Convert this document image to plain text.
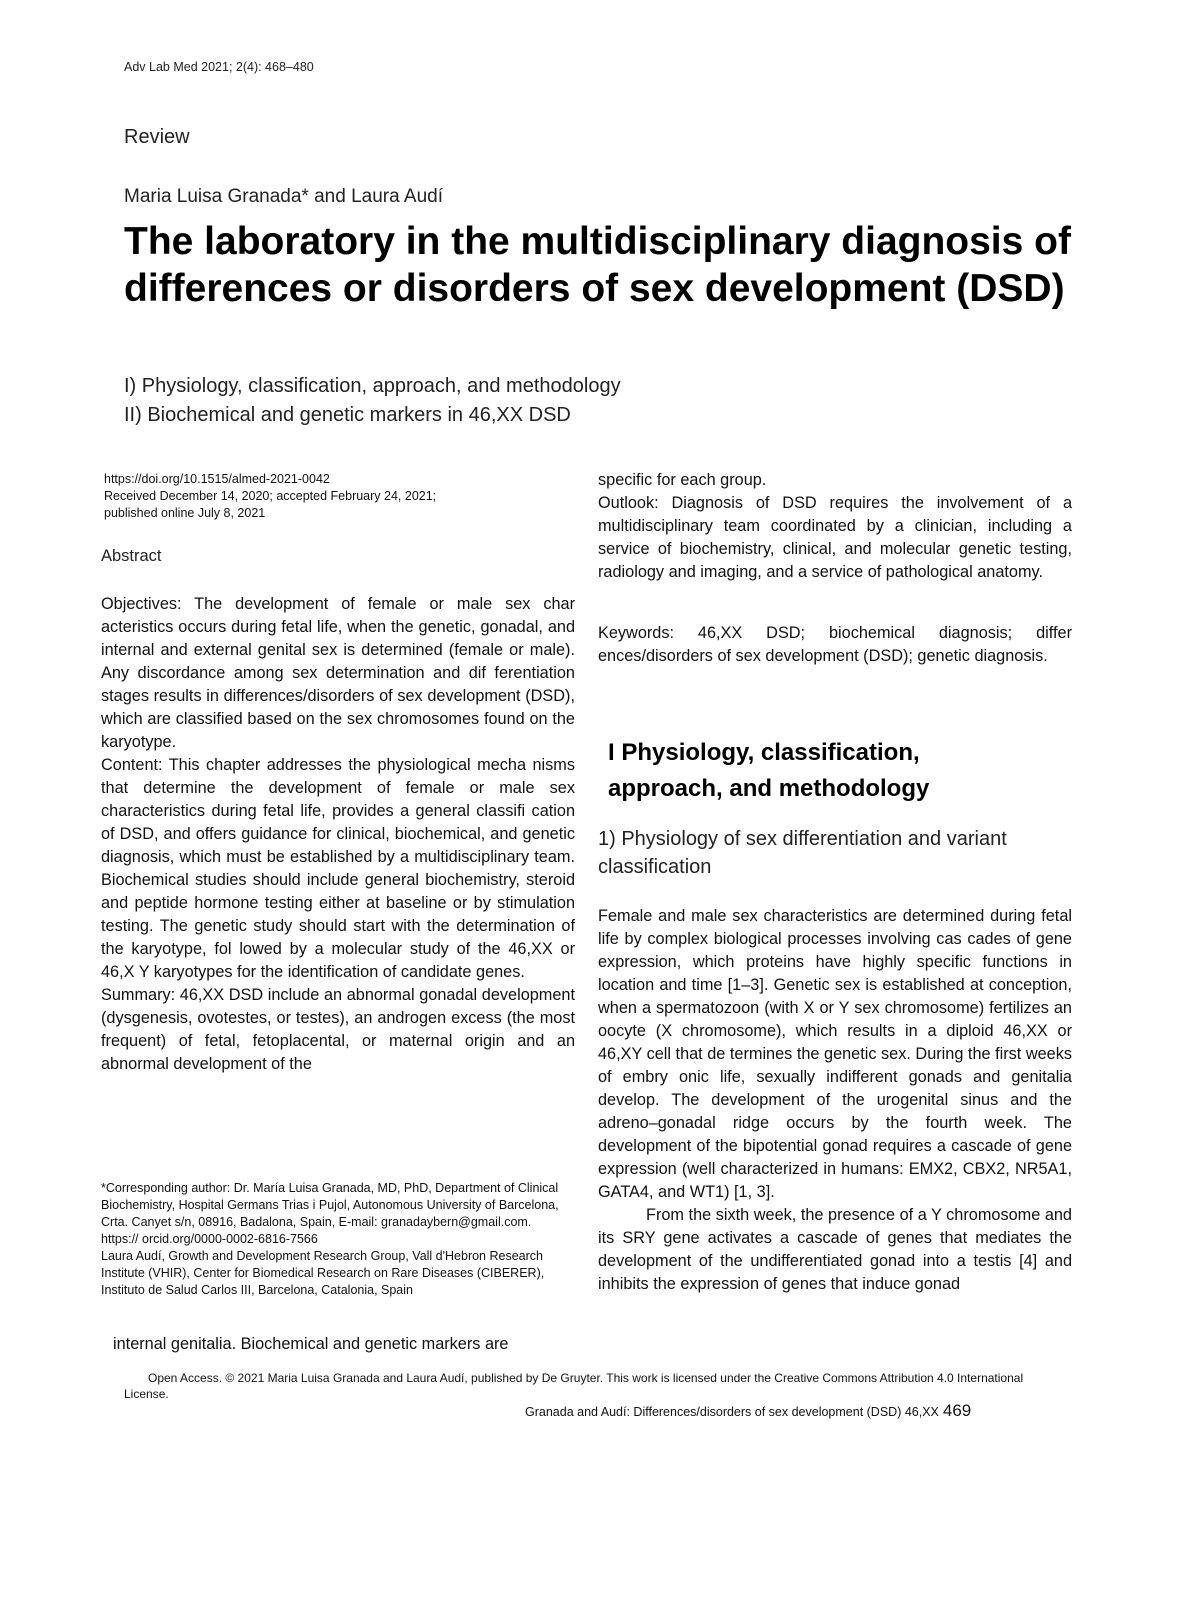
Adv Lab Med 2021; 2(4): 468–480
Review
Maria Luisa Granada* and Laura Audí
The laboratory in the multidisciplinary diagnosis of differences or disorders of sex development (DSD)
I) Physiology, classification, approach, and methodology
II) Biochemical and genetic markers in 46,XX DSD
https://doi.org/10.1515/almed-2021-0042
Received December 14, 2020; accepted February 24, 2021;
published online July 8, 2021
Abstract

Objectives: The development of female or male sex char acteristics occurs during fetal life, when the genetic, gonadal, and internal and external genital sex is determined (female or male). Any discordance among sex determination and dif ferentiation stages results in differences/disorders of sex development (DSD), which are classified based on the sex chromosomes found on the karyotype.

Content: This chapter addresses the physiological mecha nisms that determine the development of female or male sex characteristics during fetal life, provides a general classifi cation of DSD, and offers guidance for clinical, biochemical, and genetic diagnosis, which must be established by a multidisciplinary team. Biochemical studies should include general biochemistry, steroid and peptide hormone testing either at baseline or by stimulation testing. The genetic study should start with the determination of the karyotype, fol lowed by a molecular study of the 46,XX or 46,X Y karyotypes for the identification of candidate genes.

Summary: 46,XX DSD include an abnormal gonadal development (dysgenesis, ovotestes, or testes), an androgen excess (the most frequent) of fetal, fetoplacental, or maternal origin and an abnormal development of the

*Corresponding author: Dr. María Luisa Granada, MD, PhD, Department of Clinical Biochemistry, Hospital Germans Trias i Pujol, Autonomous University of Barcelona, Crta. Canyet s/n, 08916, Badalona, Spain, E-mail: granadaybern@gmail.com. https:// orcid.org/0000-0002-6816-7566

Laura Audí, Growth and Development Research Group, Vall d'Hebron Research Institute (VHIR), Center for Biomedical Research on Rare Diseases (CIBERER), Instituto de Salud Carlos III, Barcelona, Catalonia, Spain

internal genitalia. Biochemical and genetic markers are

specific for each group.

Outlook: Diagnosis of DSD requires the involvement of a multidisciplinary team coordinated by a clinician, including a service of biochemistry, clinical, and molecular genetic testing, radiology and imaging, and a service of pathological anatomy.

Keywords: 46,XX DSD; biochemical diagnosis; differ ences/disorders of sex development (DSD); genetic diagnosis.
I Physiology, classification,
approach, and methodology
1) Physiology of sex differentiation and variant classification

Female and male sex characteristics are determined during fetal life by complex biological processes involving cas cades of gene expression, which proteins have highly specific functions in location and time [1–3]. Genetic sex is established at conception, when a spermatozoon (with X or Y sex chromosome) fertilizes an oocyte (X chromosome), which results in a diploid 46,XX or 46,XY cell that de termines the genetic sex. During the first weeks of embry onic life, sexually indifferent gonads and genitalia develop. The development of the urogenital sinus and the adreno–gonadal ridge occurs by the fourth week. The development of the bipotential gonad requires a cascade of gene expression (well characterized in humans: EMX2, CBX2, NR5A1, GATA4, and WT1) [1, 3].

From the sixth week, the presence of a Y chromosome and its SRY gene activates a cascade of genes that mediates the development of the undifferentiated gonad into a testis [4] and inhibits the expression of genes that induce gonad

Open Access. © 2021 Maria Luisa Granada and Laura Audí, published by De Gruyter. This work is licensed under the Creative Commons Attribution 4.0 International License.
Granada and Audí: Differences/disorders of sex development (DSD) 46,XX 469
